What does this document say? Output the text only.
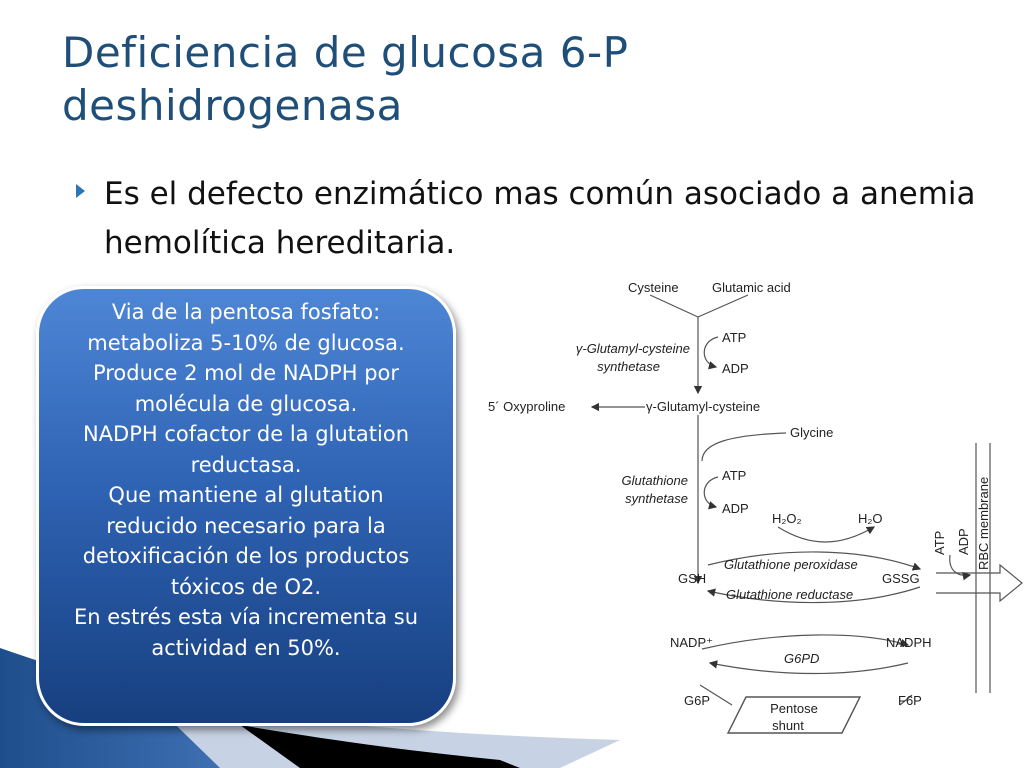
Deficiencia de glucosa 6-P
deshidrogenasa
Es el defecto enzimático mas común asociado a anemia hemolítica hereditaria.

Via de la pentosa fosfato: metaboliza 5-10% de glucosa.

Produce 2 mol de NADPH por molécula de glucosa.

NADPH cofactor de la glutation reductasa.

Que mantiene al glutation reducido necesario para la detoxificación de los productos tóxicos de O2.

En estrés esta vía incrementa su actividad en 50%.

Cysteine	Glutamic acid
γ-Glutamyl-cysteine
synthetase
ATP
ADP
5´ Oxyproline	γ-Glutamyl-cysteine
Glycine
Glutathione
synthetase
ATP
ADP
H₂O₂	H₂O
GSH	GSSG
Glutathione peroxidase
Glutathione reductase
NADP⁺	NADPH
G6PD
G6P	F6P
Pentose
shunt
ATP ADP RBC membrane
